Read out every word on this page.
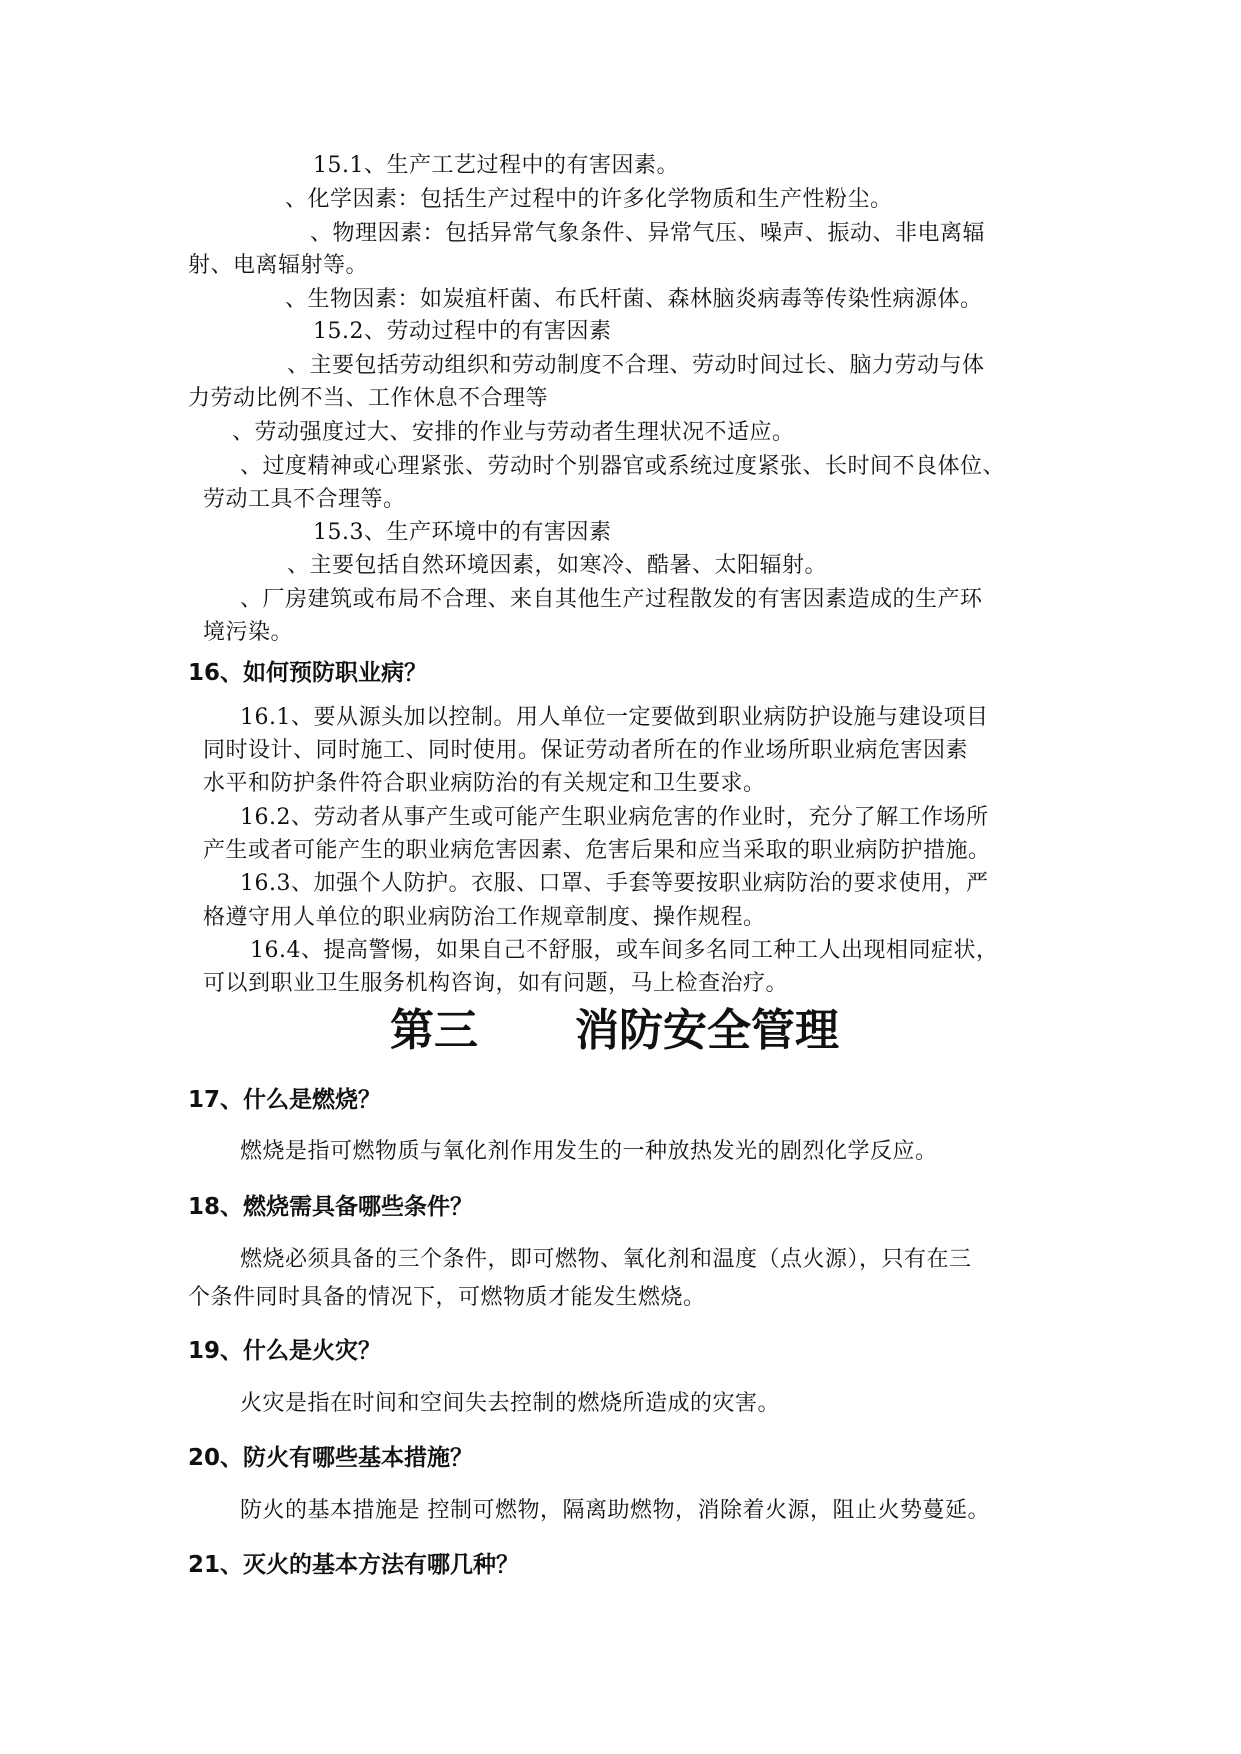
15.1、生产工艺过程中的有害因素。
、化学因素：包括生产过程中的许多化学物质和生产性粉尘。
、物理因素：包括异常气象条件、异常气压、噪声、振动、非电离辐
射、电离辐射等。
、生物因素：如炭疽杆菌、布氏杆菌、森林脑炎病毒等传染性病源体。
15.2、劳动过程中的有害因素
、主要包括劳动组织和劳动制度不合理、劳动时间过长、脑力劳动与体
力劳动比例不当、工作休息不合理等
、劳动强度过大、安排的作业与劳动者生理状况不适应。
、过度精神或心理紧张、劳动时个别器官或系统过度紧张、长时间不良体位、
劳动工具不合理等。
15.3、生产环境中的有害因素
、主要包括自然环境因素，如寒冷、酷暑、太阳辐射。
、厂房建筑或布局不合理、来自其他生产过程散发的有害因素造成的生产环
境污染。
16、如何预防职业病？
16.1、要从源头加以控制。用人单位一定要做到职业病防护设施与建设项目
同时设计、同时施工、同时使用。保证劳动者所在的作业场所职业病危害因素
水平和防护条件符合职业病防治的有关规定和卫生要求。
16.2、劳动者从事产生或可能产生职业病危害的作业时，充分了解工作场所
产生或者可能产生的职业病危害因素、危害后果和应当采取的职业病防护措施。
16.3、加强个人防护。衣服、口罩、手套等要按职业病防治的要求使用，严
格遵守用人单位的职业病防治工作规章制度、操作规程。
16.4、提高警惕，如果自己不舒服，或车间多名同工种工人出现相同症状，
可以到职业卫生服务机构咨询，如有问题，马上检查治疗。
第三 消防安全管理
17、什么是燃烧？
燃烧是指可燃物质与氧化剂作用发生的一种放热发光的剧烈化学反应。
18、燃烧需具备哪些条件？
燃烧必须具备的三个条件，即可燃物、氧化剂和温度（点火源），只有在三
个条件同时具备的情况下，可燃物质才能发生燃烧。
19、什么是火灾？
火灾是指在时间和空间失去控制的燃烧所造成的灾害。
20、防火有哪些基本措施？
防火的基本措施是 控制可燃物，隔离助燃物，消除着火源，阻止火势蔓延。
21、灭火的基本方法有哪几种？
